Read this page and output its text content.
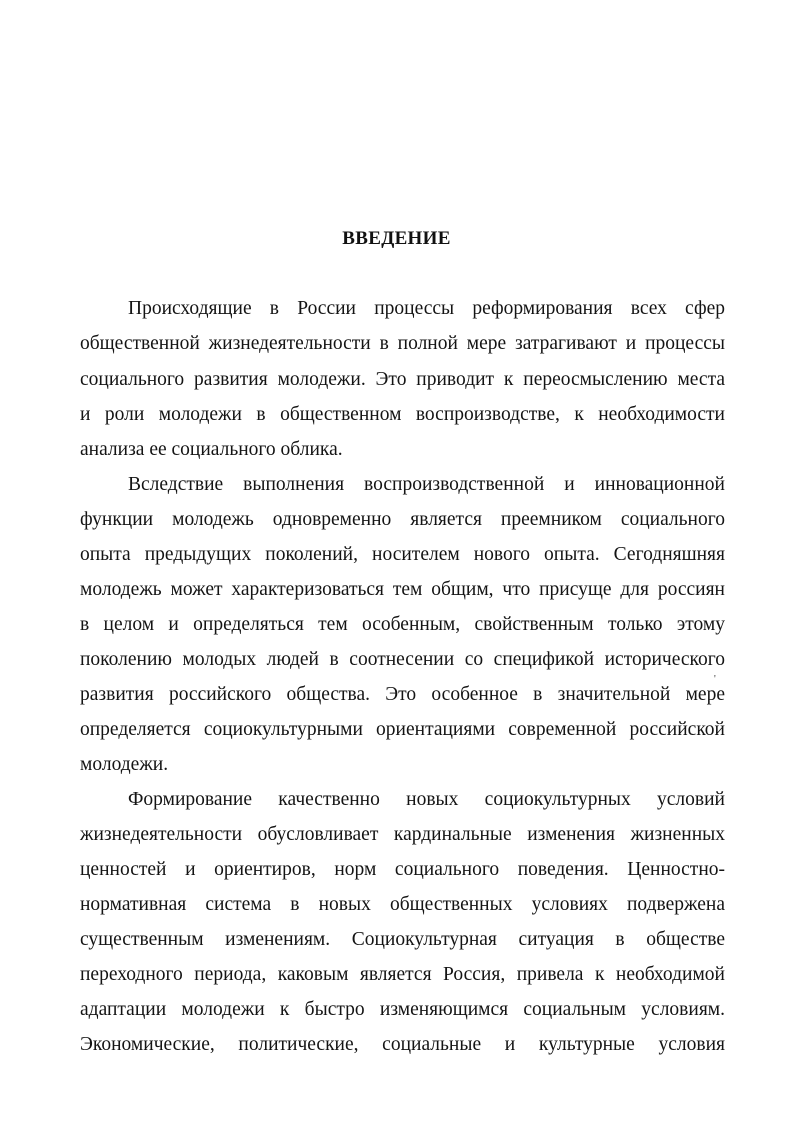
ВВЕДЕНИЕ
Происходящие в России процессы реформирования всех сфер
общественной жизнедеятельности в полной мере затрагивают и процессы
социального развития молодежи. Это приводит к переосмыслению места
и роли молодежи в общественном воспроизводстве, к необходимости
анализа ее социального облика.
Вследствие выполнения воспроизводственной и инновационной
функции молодежь одновременно является преемником социального
опыта предыдущих поколений, носителем нового опыта. Сегодняшняя
молодежь может характеризоваться тем общим, что присуще для россиян
в целом и определяться тем особенным, свойственным только этому
поколению молодых людей в соотнесении со спецификой исторического
развития российского общества. Это особенное в значительной мере
определяется социокультурными ориентациями современной российской
молодежи.
Формирование качественно новых социокультурных условий
жизнедеятельности обусловливает кардинальные изменения жизненных
ценностей и ориентиров, норм социального поведения. Ценностно-
нормативная система в новых общественных условиях подвержена
существенным изменениям. Социокультурная ситуация в обществе
переходного периода, каковым является Россия, привела к необходимой
адаптации молодежи к быстро изменяющимся социальным условиям.
Экономические, политические, социальные и культурные условия
'
